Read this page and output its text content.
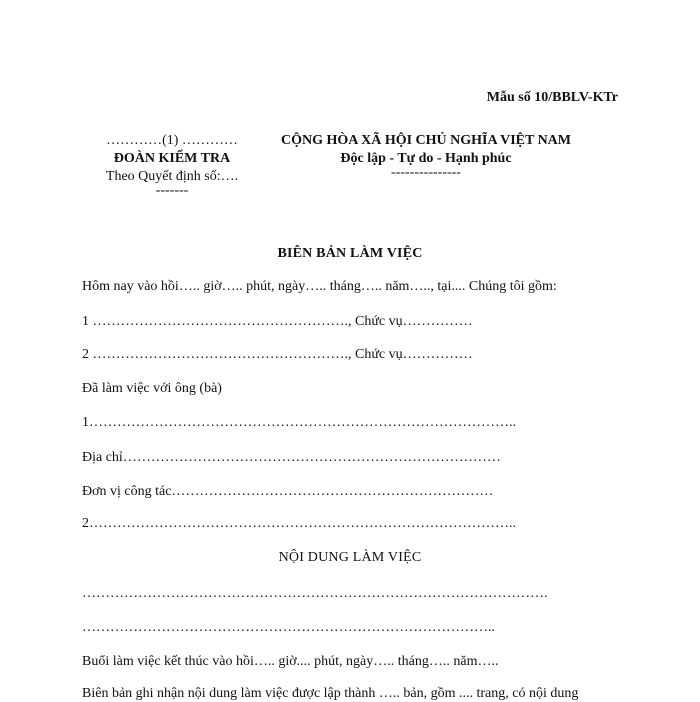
Mẫu số 10/BBLV-KTr
…………(1) …………
ĐOÀN KIỂM TRA
Theo Quyết định số:….
-------
CỘNG HÒA XÃ HỘI CHỦ NGHĨA VIỆT NAM
Độc lập - Tự do - Hạnh phúc
---------------
BIÊN BẢN LÀM VIỆC
Hôm nay vào hồi….. giờ….. phút, ngày….. tháng….. năm….., tại.... Chúng tôi gồm:
1 ………………………………………………., Chức vụ……………
2 ………………………………………………., Chức vụ……………
Đã làm việc với ông (bà)
1………………………………………………………………………………..
Địa chỉ………………………………………………………………………
Đơn vị công tác……………………………………………………………
2………………………………………………………………………………..
NỘI DUNG LÀM VIỆC
……………………………………………………………………………………….
……………………………………………………………………………..
Buổi làm việc kết thúc vào hồi….. giờ.... phút, ngày….. tháng….. năm…..
Biên bản ghi nhận nội dung làm việc được lập thành ….. bản, gồm .... trang, có nội dung
